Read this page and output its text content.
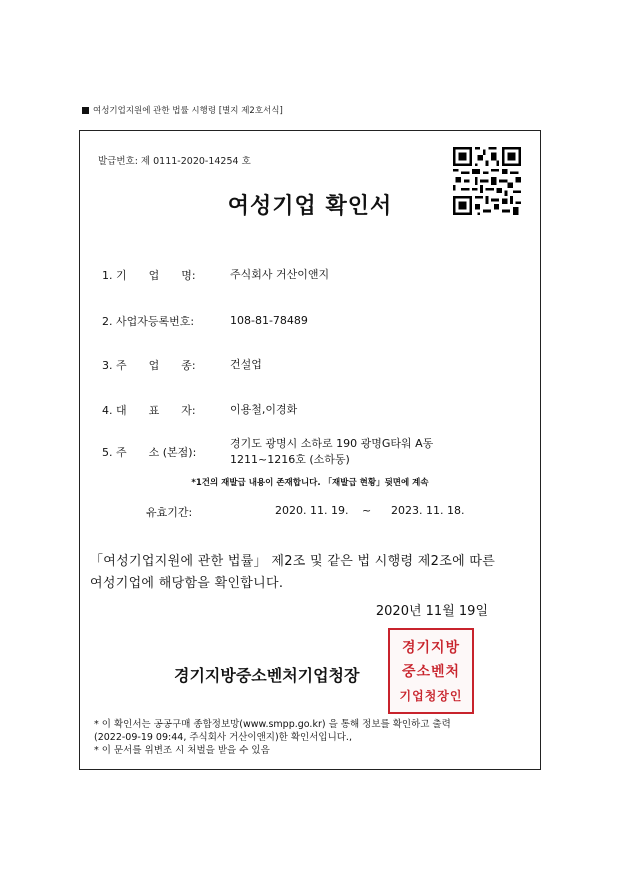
여성기업지원에 관한 법률 시행령 [별지 제2호서식]
발급번호: 제 0111-2020-14254 호
여성기업 확인서
1. 기　　업　　명:	주식회사 거산이앤지
2. 사업자등록번호:	108-81-78489
3. 주　　업　　종:	건설업
4. 대　　표　　자:	이용철,이경화
5. 주　　소 (본점):
경기도 광명시 소하로 190 광명G타워 A동
1211~1216호 (소하동)
*1건의 재발급 내용이 존재합니다. 「재발급 현황」뒷면에 계속
유효기간:	2020. 11. 19. ~ 2023. 11. 18.
「여성기업지원에 관한 법률」 제2조 및 같은 법 시행령 제2조에 따른
여성기업에 해당함을 확인합니다.
2020년 11월 19일
경기지방중소벤처기업청장
경기지방
중소벤처
기업청장인
* 이 확인서는 공공구매 종합정보망(www.smpp.go.kr) 을 통해 정보를 확인하고 출력
(2022-09-19 09:44, 주식회사 거산이앤지)한 확인서입니다.,
* 이 문서를 위변조 시 처벌을 받을 수 있음
